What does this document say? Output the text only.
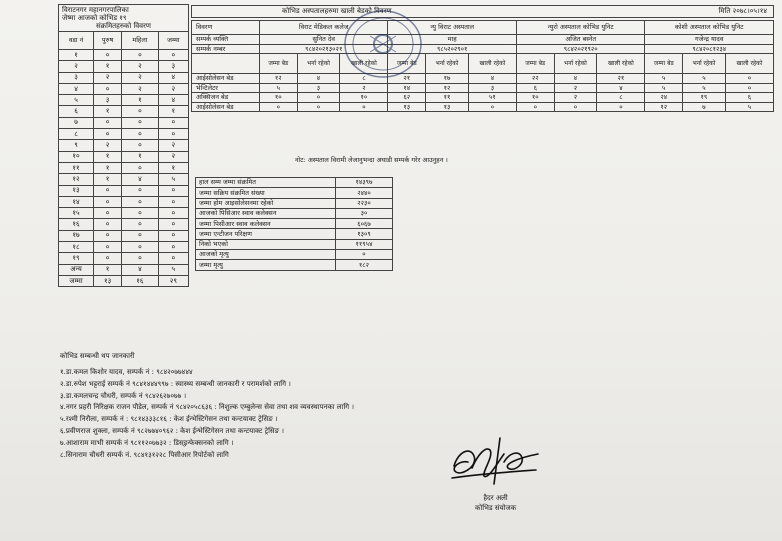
विराटनगर महानगरपालिका
जेष्मा आजको कोभिड १९
संक्रमितहरुको विवरण
वडा नं	पुरुष	महिला	जम्मा
१	०	०	०
२	१	२	३
३	२	२	४
४	०	२	२
५	३	१	४
६	१	०	१
७	०	०	०
८	०	०	०
९	२	०	२
१०	१	१	२
११	१	०	१
१२	१	४	५
१३	०	०	०
१४	०	०	०
१५	०	०	०
१६	०	०	०
१७	०	०	०
१८	०	०	०
१९	०	०	०
अन्य	१	४	५
जम्मा	१३	१६	२९
कोभिड अस्पतालहरुमा खाली बेडको विवरण	मिति २०७८।०५।१४
विवरण	विराट मेडिकल कलेज			न्यु विराट अस्पताल			न्युरो अस्पताल कोभिड युनिट			कोशी अस्पताल कोभिड युनिट		
सम्पर्क व्यक्ति	सुनित देव			माह			अजित बस्नेत			गजेन्द्र यादव		
सम्पर्क नम्बर	९८४२०२१३०२१			९८५२०२९०१			९८४२०२१९२०			९८४२०८१२३४		
	जम्मा बेड	भर्ना रहेको	खाली रहेको	जम्मा बेड	भर्ना रहेको	खाली रहेको	जम्मा बेड	भर्ना रहेको	खाली रहेको	जम्मा बेड	भर्ना रहेको	खाली रहेको
आईसोलेसन बेड	१२	४	८	२१	१७	४	२२	४	२१	५	५	०
भेन्टिलेटर	५	३	२	१४	१२	३	६	२	४	५	५	०
अक्सिजन बेड	१०	०	१०	६२	११	५१	१०	२	८	२४	१९	६
आईसोलेसन बेड	०	०	०	१३	१३	०	०	०	०	१२	७	५
नोट: अस्पताल विरामी लेजानुभन्दा अघाडी सम्पर्क गरेर आउनुहन ।
हाल सम्म जम्मा संक्रमित	१४३९७
जम्मा सक्रिय संक्रमित संख्या	२४४०
जम्मा होम आइसोलेसनमा रहेको	२२३०
आजको पिसिआर स्वाव कलेक्सन	३०
जम्मा पिसीआर स्वाव कलेक्सन	६०६७
जम्मा एन्टीजन परिक्षण	१३०९
निको भएको	११९५४
आजको मृत्यु	०
जम्मा मृत्यु	१८२
कोभिड सम्बन्धी थप जानकारी
१.डा.कमल किशोर यादव, सम्पर्क नं : ९८४२०७७४४४
२.डा.रुपेश भट्टराई सम्पर्क नं ९८४१४४४९९७ : स्वास्थ्य सम्बन्धी जानकारी र परामर्शको लागि ।
३.डा.कमलचन्द्र चौधरी, सम्पर्क नं ९८४२६२७०७७ ।
४.नगर प्रहरी निरिक्षक राजन पौडेल, सम्पर्क नं ९८४२०५८६३६ : निशुल्क एम्बुलेन्स सेवा तथा शव व्यवस्थापनका लागि ।
५.रश्मी निरौला, सम्पर्क नं : ९८१४३३३८१६ : केश ईन्भेस्टिगेसन तथा कन्टयाक्ट ट्रेसिङ ।
६.प्रवीणराज शुक्ला, सम्पर्क नं ९८२७७४०९६२ : केश ईन्भेस्टिगेसन तथा कन्टयाक्ट ट्रेसिङ ।
७.आशाराम माभी सम्पर्क नं ९८११२०७७३२ : डिस्इन्फेक्सनको लागि ।
८.सिनाराम चौधरी सम्पर्क नं. ९८४१३१२२८ पिसीआर रिपोर्टको लागि
हैदर अली
कोभिड संयोजक
